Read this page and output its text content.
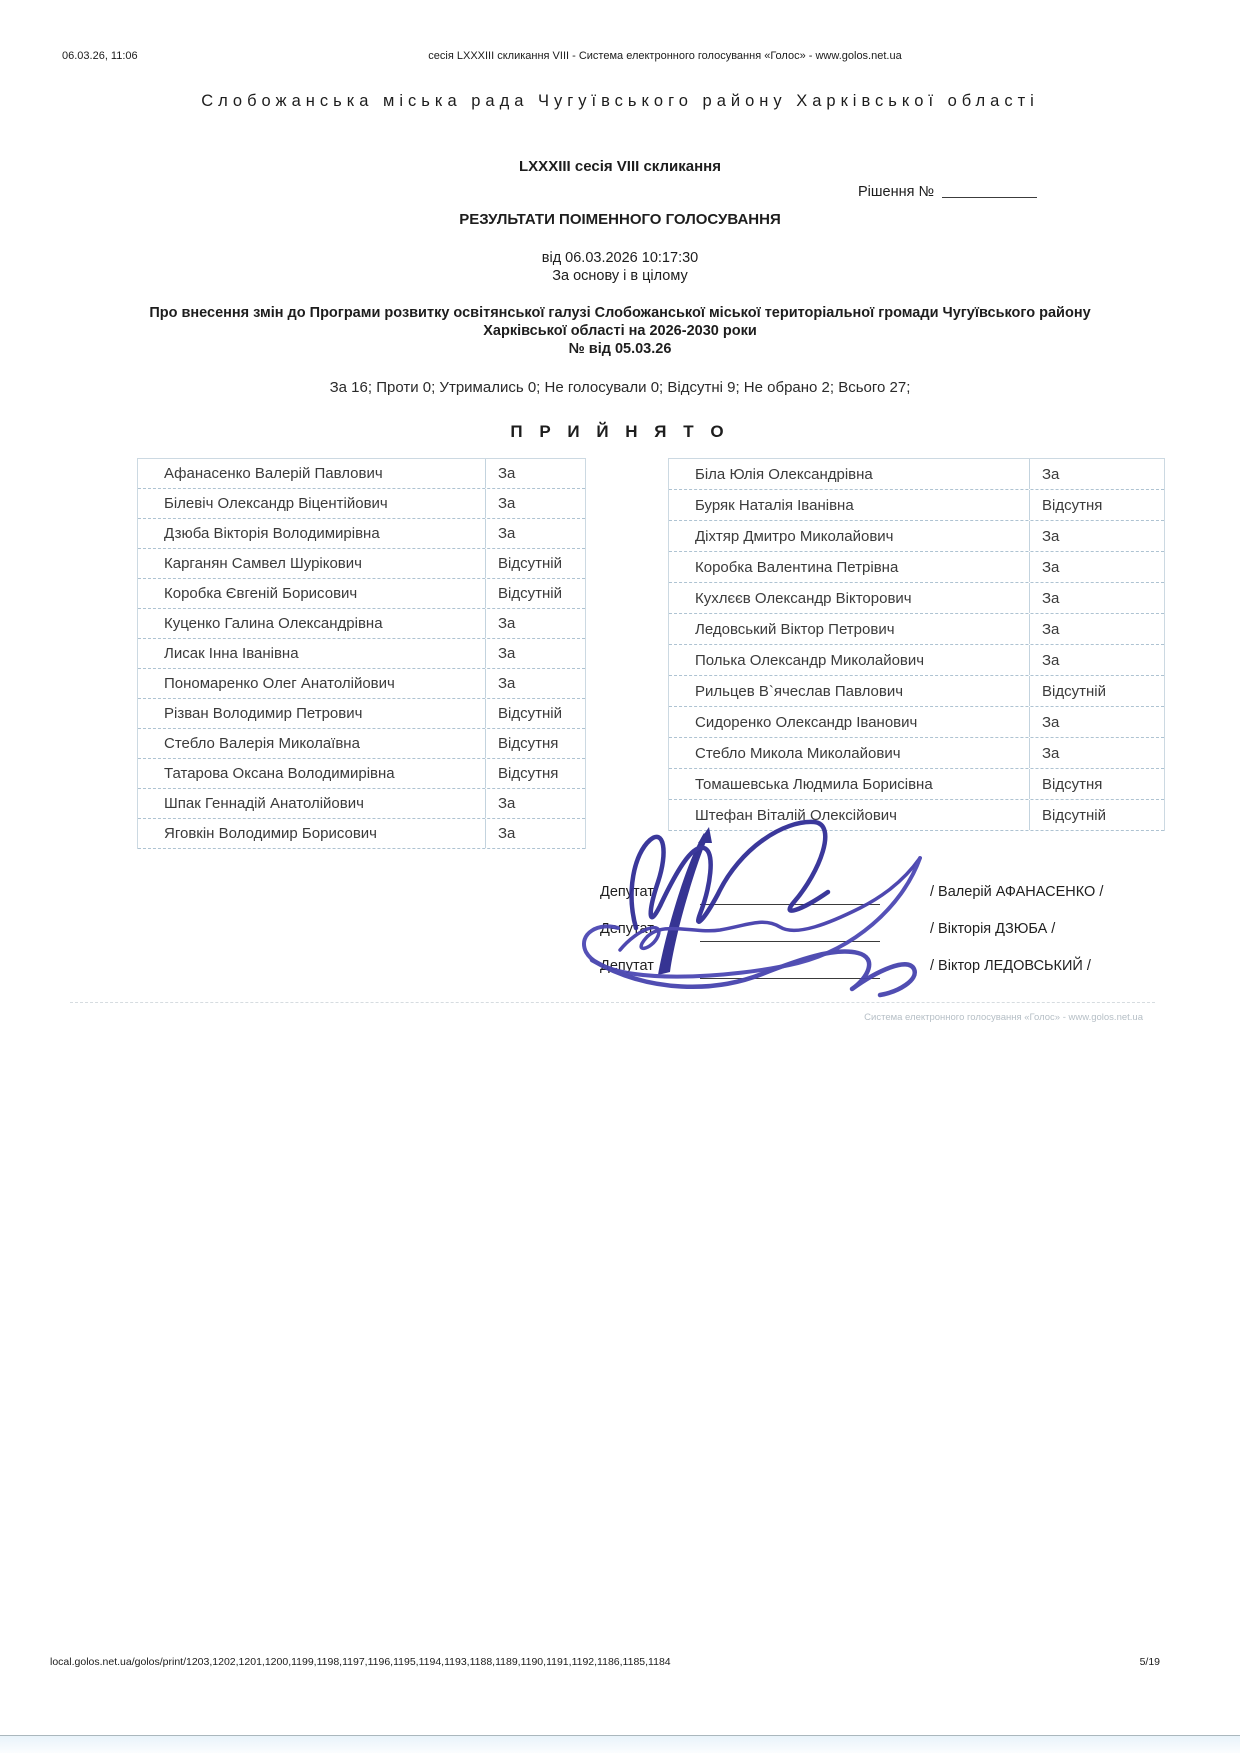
06.03.26, 11:06	сесія LXXXIII скликання VIII - Система електронного голосування «Голос» - www.golos.net.ua
Слобожанська міська рада Чугуївського району Харківської області
LXXXIII сесія VIII скликання
Рішення №
РЕЗУЛЬТАТИ ПОІМЕННОГО ГОЛОСУВАННЯ
від 06.03.2026 10:17:30
За основу і в цілому
Про внесення змін до Програми розвитку освітянської галузі Слобожанської міської територіальної громади Чугуївського району Харківської області на 2026-2030 роки
№ від 05.03.26
За 16; Проти 0; Утримались 0; Не голосували 0; Відсутні 9; Не обрано 2; Всього 27;
П Р И Й Н Я Т О
Афанасенко Валерій Павлович	За
Білевіч Олександр Віцентійович	За
Дзюба Вікторія Володимирівна	За
Карганян Самвел Шурікович	Відсутній
Коробка Євгеній Борисович	Відсутній
Куценко Галина Олександрівна	За
Лисак Інна Іванівна	За
Пономаренко Олег Анатолійович	За
Різван Володимир Петрович	Відсутній
Стебло Валерія Миколаївна	Відсутня
Татарова Оксана Володимирівна	Відсутня
Шпак Геннадій Анатолійович	За
Яговкін Володимир Борисович	За
Біла Юлія Олександрівна	За
Буряк Наталія Іванівна	Відсутня
Діхтяр Дмитро Миколайович	За
Коробка Валентина Петрівна	За
Кухлєєв Олександр Вікторович	За
Ледовський Віктор Петрович	За
Полька Олександр Миколайович	За
Рильцев В`ячеслав Павлович	Відсутній
Сидоренко Олександр Іванович	За
Стебло Микола Миколайович	За
Томашевська Людмила Борисівна	Відсутня
Штефан Віталій Олексійович	Відсутній
Депутат	/ Валерій АФАНАСЕНКО /
Депутат	/ Вікторія ДЗЮБА /
Депутат	/ Віктор ЛЕДОВСЬКИЙ /
Система електронного голосування «Голос» - www.golos.net.ua
local.golos.net.ua/golos/print/1203,1202,1201,1200,1199,1198,1197,1196,1195,1194,1193,1188,1189,1190,1191,1192,1186,1185,1184	5/19
